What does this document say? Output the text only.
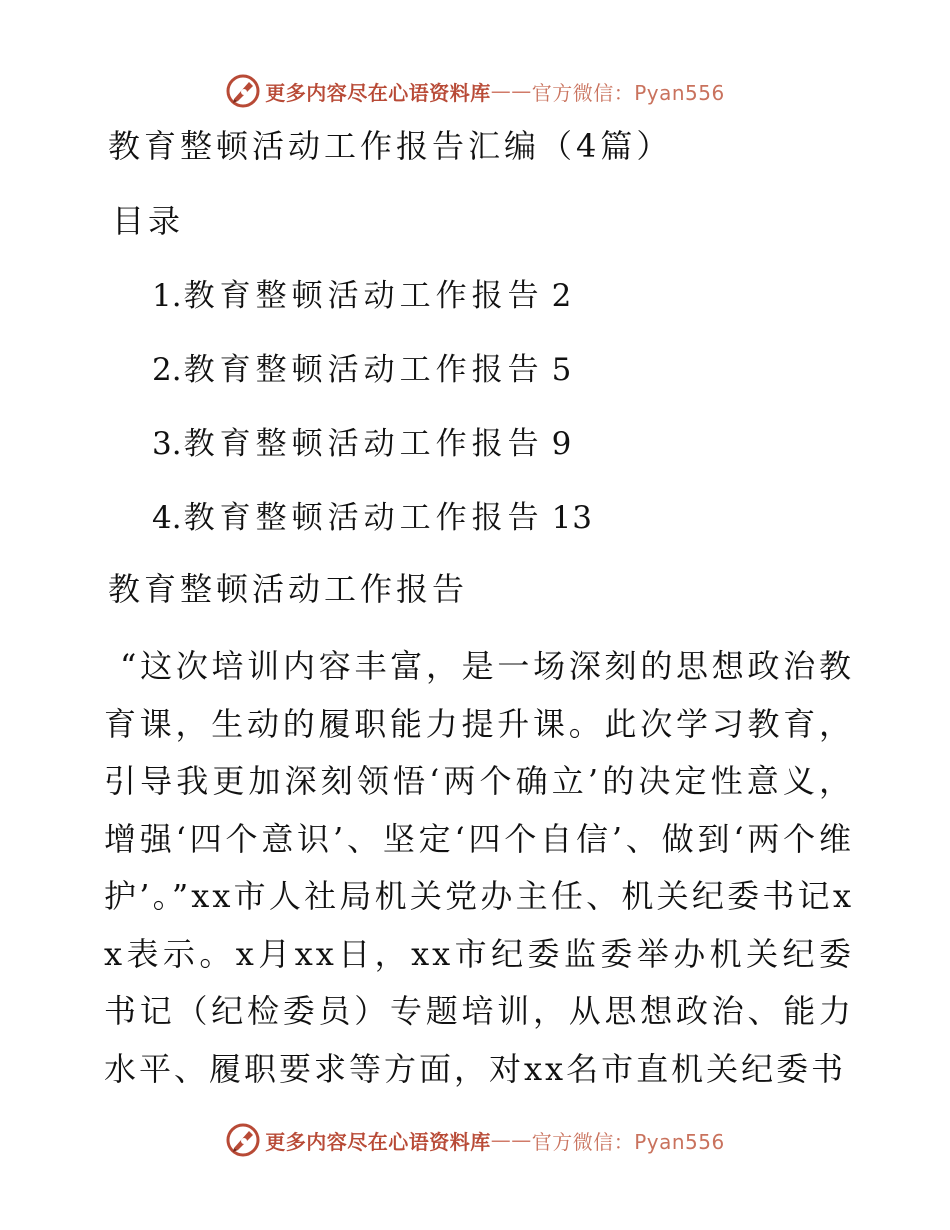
更多内容尽在心语资料库 —— 官方微信：Pyan556
教育整顿活动工作报告汇编（4篇）
目录
1.教育整顿活动工作报告 2
2.教育整顿活动工作报告 5
3.教育整顿活动工作报告 9
4.教育整顿活动工作报告 13
教育整顿活动工作报告

“这次培训内容丰富，是一场深刻的思想政治教育课，生动的履职能力提升课。此次学习教育，引导我更加深刻领悟‘两个确立’的决定性意义，增强‘四个意识’、坚定‘四个自信’、做到‘两个维护’。”xx市人社局机关党办主任、机关纪委书记xx表示。x月xx日，xx市纪委监委举办机关纪委书记（纪检委员）专题培训，从思想政治、能力水平、履职要求等方面，对xx名市直机关纪委书

更多内容尽在心语资料库 —— 官方微信：Pyan556
